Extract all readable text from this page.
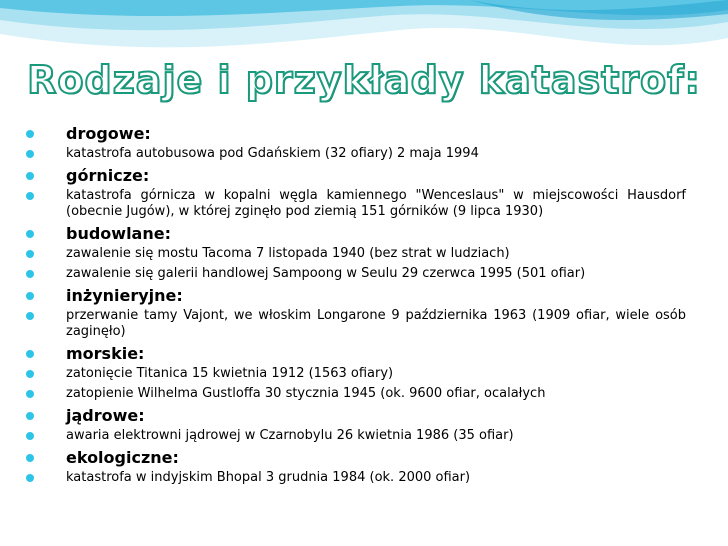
Rodzaje i przykłady katastrof:
drogowe:
katastrofa autobusowa pod Gdańskiem (32 ofiary) 2 maja 1994
górnicze:
katastrofa górnicza w kopalni węgla kamiennego "Wenceslaus" w miejscowości Hausdorf (obecnie Jugów), w której zginęło pod ziemią 151 górników (9 lipca 1930)
budowlane:
zawalenie się mostu Tacoma 7 listopada 1940 (bez strat w ludziach)
zawalenie się galerii handlowej Sampoong w Seulu 29 czerwca 1995 (501 ofiar)
inżynieryjne:
przerwanie tamy Vajont, we włoskim Longarone 9 października 1963 (1909 ofiar, wiele osób zaginęło)
morskie:
zatonięcie Titanica 15 kwietnia 1912 (1563 ofiary)
zatopienie Wilhelma Gustloffa 30 stycznia 1945 (ok. 9600 ofiar, ocalałych
jądrowe:
awaria elektrowni jądrowej w Czarnobylu 26 kwietnia 1986 (35 ofiar)
ekologiczne:
katastrofa w indyjskim Bhopal 3 grudnia 1984 (ok. 2000 ofiar)
